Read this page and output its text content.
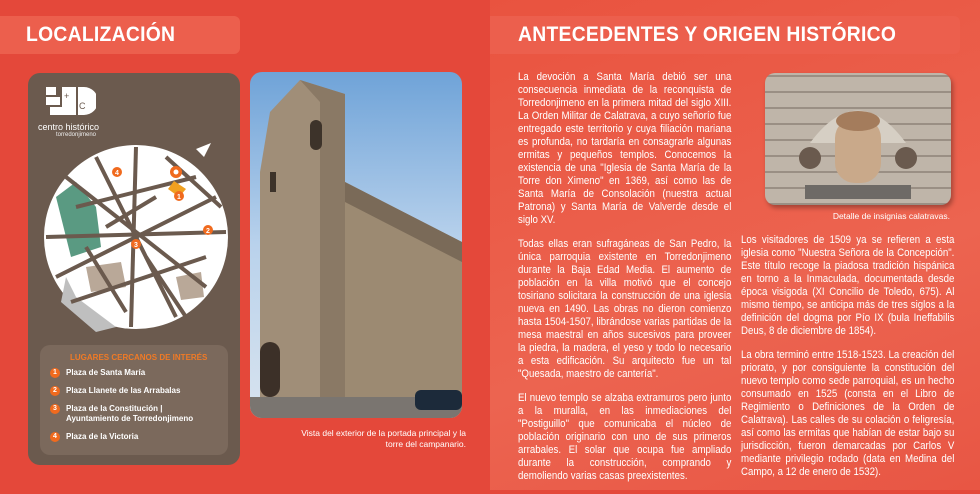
LOCALIZACIÓN	ANTECEDENTES Y ORIGEN HISTÓRICO
+
C
centro histórico
torredonjimeno
1
2
3
4
LUGARES CERCANOS DE INTERÉS
1	Plaza de Santa María
2	Plaza Llanete de las Arrabalas
3	Plaza de la Constitución | Ayuntamiento de Torredonjimeno
4	Plaza de la Victoria	Vista del exterior de la portada principal y la torre del campanario.

La devoción a Santa María debió ser una consecuencia inmediata de la reconquista de Torredonjimeno en la primera mitad del siglo XIII. La Orden Militar de Calatrava, a cuyo señorío fue entregado este territorio y cuya filiación mariana es profunda, no tardaría en consagrarle algunas ermitas y pequeños templos. Conocemos la existencia de una "Iglesia de Santa María de la Torre don Ximeno" en 1369, así como las de Santa María de Consolación (nuestra actual Patrona) y Santa María de Valverde desde el siglo XV.

Todas ellas eran sufragáneas de San Pedro, la única parroquia existente en Torredonjimeno durante la Baja Edad Media. El aumento de población en la villa motivó que el concejo tosiriano solicitara la construcción de una iglesia nueva en 1490. Las obras no dieron comienzo hasta 1504-1507, librándose varias partidas de la mesa maestral en años sucesivos para proveer la piedra, la madera, el yeso y todo lo necesario a esta edificación. Su arquitecto fue un tal "Quesada, maestro de cantería".

El nuevo templo se alzaba extramuros pero junto a la muralla, en las inmediaciones del "Postiguillo" que comunicaba el núcleo de población originario con uno de sus primeros arrabales. El solar que ocupa fue ampliado durante la construcción, comprando y demoliendo varias casas preexistentes.

Detalle de insignias calatravas.

Los visitadores de 1509 ya se refieren a esta iglesia como "Nuestra Señora de la Concepción". Este título recoge la piadosa tradición hispánica en torno a la Inmaculada, documentada desde época visigoda (XI Concilio de Toledo, 675). Al mismo tiempo, se anticipa más de tres siglos a la definición del dogma por Pío IX (bula Ineffabilis Deus, 8 de diciembre de 1854).

La obra terminó entre 1518-1523. La creación del priorato, y por consiguiente la constitución del nuevo templo como sede parroquial, es un hecho consumado en 1525 (consta en el Libro de Regimiento o Definiciones de la Orden de Calatrava). Las calles de su colación o feligresía, así como las ermitas que habían de estar bajo su jurisdicción, fueron demarcadas por Carlos V mediante privilegio rodado (data en Medina del Campo, a 12 de enero de 1532).
